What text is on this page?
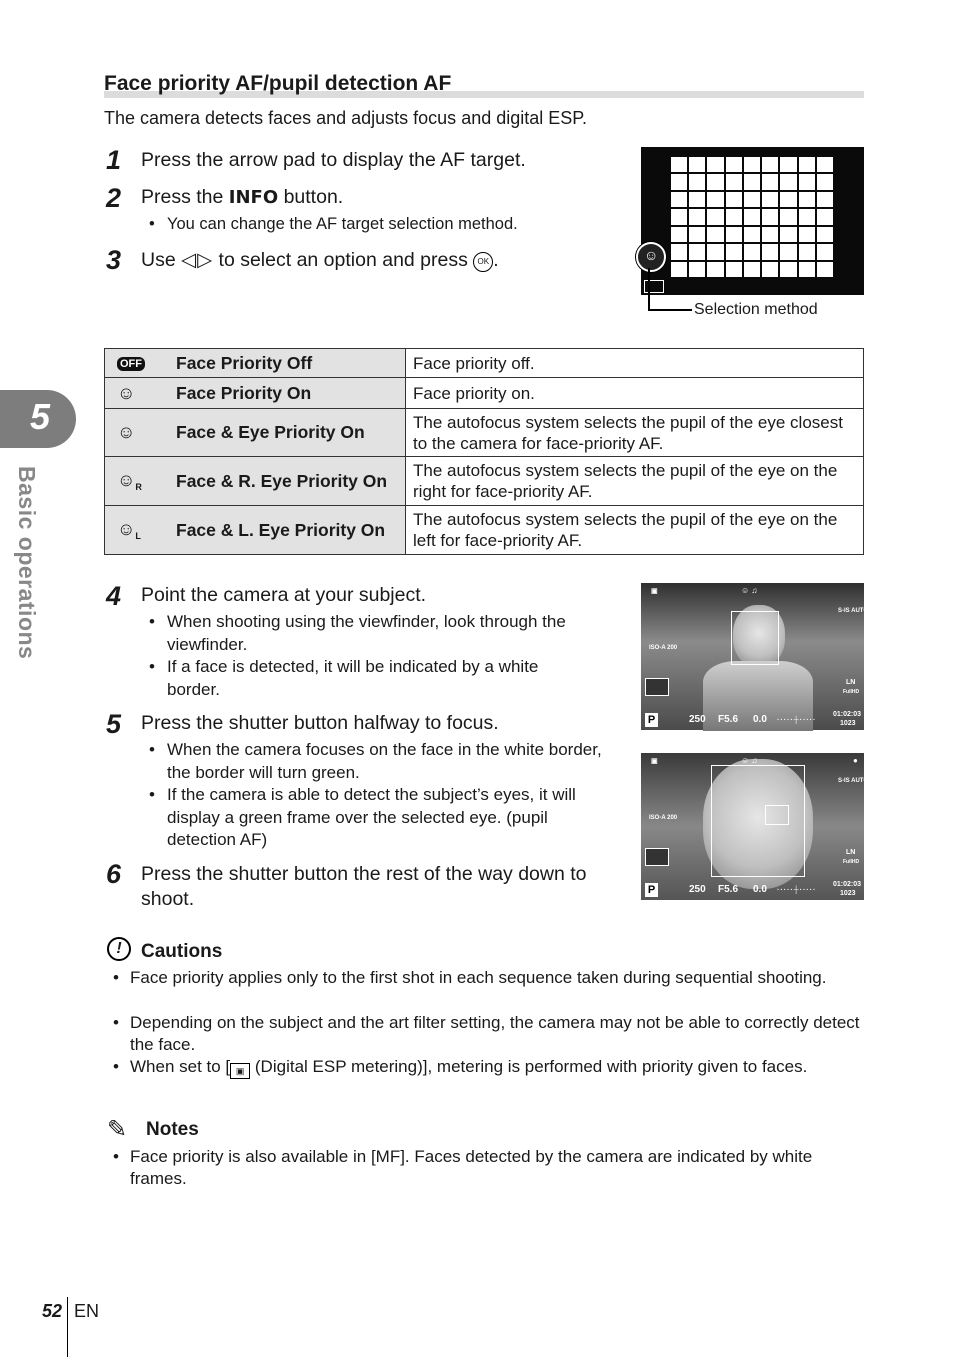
5
Basic operations
Face priority AF/pupil detection AF
The camera detects faces and adjusts focus and digital ESP.
1 Press the arrow pad to display the AF target.
2 Press the INFO button.
• You can change the AF target selection method.
3 Use ◁▷ to select an option and press OK .	☺
Selection method
OFF	Face Priority Off	Face priority off.
☺	Face Priority On	Face priority on.
☺	Face & Eye Priority On	The autofocus system selects the pupil of the eye closest to the camera for face-priority AF.
$☺_R$	Face & R. Eye Priority On	The autofocus system selects the pupil of the eye on the right for face-priority AF.
$☺_L$	Face & L. Eye Priority On	The autofocus system selects the pupil of the eye on the left for face-priority AF.
4 Point the camera at your subject.
• When shooting using the viewfinder, look through the viewfinder.
• If a face is detected, it will be indicated by a white border.
5 Press the shutter button halfway to focus.
• When the camera focuses on the face in the white border, the border will turn green.
• If the camera is able to detect the subject’s eyes, it will display a green frame over the selected eye. (pupil detection AF)
6 Press the shutter button the rest of the way down to shoot.
▣	☺ ♫
S-IS AUTO
ISO-A 200
LN
FullHD
P	250 F5.6 0.0 ·····┼·····
01:02:03
1023
▣	☺ ♫	●
S-IS AUTO
ISO-A 200
LN
FullHD
P	250 F5.6 0.0 ·····┼·····
01:02:03
1023
!	Cautions
• Face priority applies only to the first shot in each sequence taken during sequential shooting.
• Depending on the subject and the art filter setting, the camera may not be able to correctly detect the face.
• When set to [ ▣ (Digital ESP metering)], metering is performed with priority given to faces.
✎ Notes
• Face priority is also available in [MF]. Faces detected by the camera are indicated by white frames.
52 EN
